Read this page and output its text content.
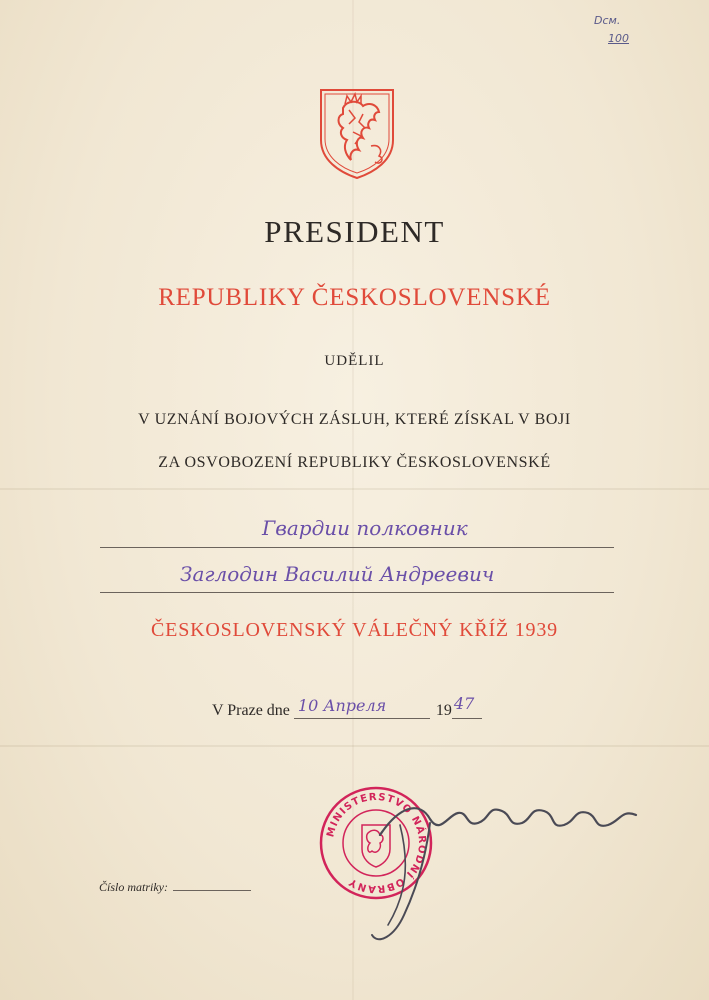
Dcм.
100
PRESIDENT
REPUBLIKY ČESKOSLOVENSKÉ
UDĚLIL
V UZNÁNÍ BOJOVÝCH ZÁSLUH, KTERÉ ZÍSKAL V BOJI
ZA OSVOBOZENÍ REPUBLIKY ČESKOSLOVENSKÉ
Гвардии полковник
Заглодин Василий Андреевич
ČESKOSLOVENSKÝ VÁLEČNÝ KŘÍŽ 1939
V Praze dne 10 Апреля	19 47
MINISTERSTVO NÁRODNÍ OBRANY
Číslo matriky:
